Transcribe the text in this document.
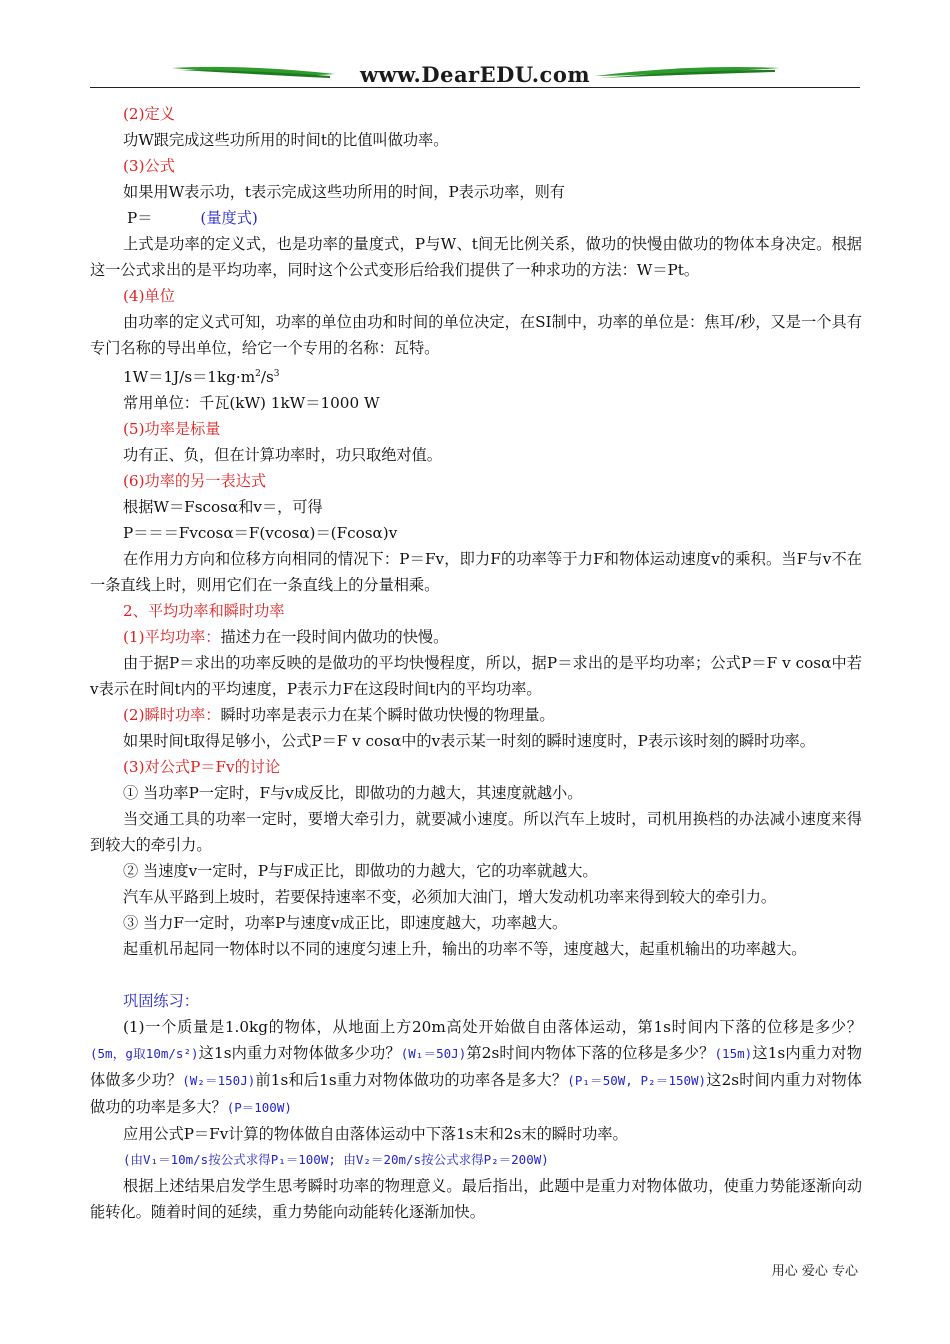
www.DearEDU.com

(2)定义

功W跟完成这些功所用的时间t的比值叫做功率。

(3)公式

如果用W表示功，t表示完成这些功所用的时间，P表示功率，则有

P＝	(量度式)

上式是功率的定义式，也是功率的量度式，P与W、t间无比例关系，做功的快慢由做功的物体本身决定。根据这一公式求出的是平均功率，同时这个公式变形后给我们提供了一种求功的方法：W＝Pt。

(4)单位

由功率的定义式可知，功率的单位由功和时间的单位决定，在SI制中，功率的单位是：焦耳/秒，又是一个具有专门名称的导出单位，给它一个专用的名称：瓦特。

$1W=1J/s=1kg\cdot m^2/s^3$

常用单位：千瓦(kW) 1kW＝1000 W

(5)功率是标量

功有正、负，但在计算功率时，功只取绝对值。

(6)功率的另一表达式

根据W＝Fscosα和v＝，可得

P＝＝＝Fvcosα＝F(vcosα)＝(Fcosα)v

在作用力方向和位移方向相同的情况下：P＝Fv，即力F的功率等于力F和物体运动速度v的乘积。当F与v不在一条直线上时，则用它们在一条直线上的分量相乘。

2、平均功率和瞬时功率

(1)平均功率：描述力在一段时间内做功的快慢。

由于据P＝求出的功率反映的是做功的平均快慢程度，所以，据P＝求出的是平均功率；公式P＝F v cosα中若v表示在时间t内的平均速度，P表示力F在这段时间t内的平均功率。

(2)瞬时功率：瞬时功率是表示力在某个瞬时做功快慢的物理量。

如果时间t取得足够小，公式P＝F v cosα中的v表示某一时刻的瞬时速度时，P表示该时刻的瞬时功率。

(3)对公式P＝Fv的讨论

① 当功率P一定时，F与v成反比，即做功的力越大，其速度就越小。

当交通工具的功率一定时，要增大牵引力，就要减小速度。所以汽车上坡时，司机用换档的办法减小速度来得到较大的牵引力。

② 当速度v一定时，P与F成正比，即做功的力越大，它的功率就越大。

汽车从平路到上坡时，若要保持速率不变，必须加大油门，增大发动机功率来得到较大的牵引力。

③ 当力F一定时，功率P与速度v成正比，即速度越大，功率越大。

起重机吊起同一物体时以不同的速度匀速上升，输出的功率不等，速度越大，起重机输出的功率越大。

巩固练习：

(1)一个质量是1.0kg的物体，从地面上方20m高处开始做自由落体运动，第1s时间内下落的位移是多少？(5m，g取10m/s²)这1s内重力对物体做多少功？(W₁＝50J)第2s时间内物体下落的位移是多少？(15m)这1s内重力对物体做多少功？(W₂＝150J)前1s和后1s重力对物体做功的功率各是多大？(P₁＝50W, P₂＝150W)这2s时间内重力对物体做功的功率是多大？(P＝100W)

应用公式P＝Fv计算的物体做自由落体运动中下落1s末和2s末的瞬时功率。

(由V₁＝10m/s按公式求得P₁＝100W; 由V₂＝20m/s按公式求得P₂＝200W)

根据上述结果启发学生思考瞬时功率的物理意义。最后指出，此题中是重力对物体做功，使重力势能逐渐向动能转化。随着时间的延续，重力势能向动能转化逐渐加快。

用心 爱心 专心
